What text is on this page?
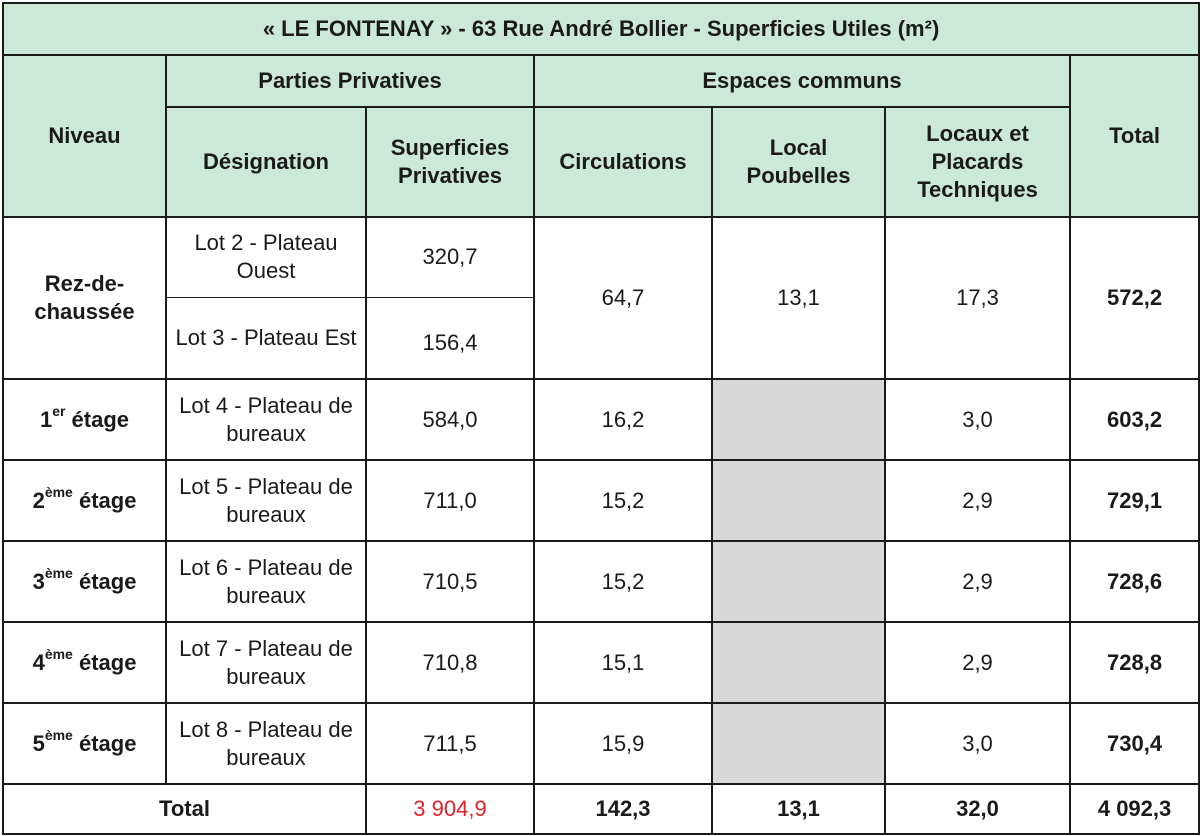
« LE FONTENAY » - 63 Rue André Bollier - Superficies Utiles (m²)						
Niveau	Parties Privatives		Espaces communs			Total
	Désignation	Superficies Privatives	Circulations	Local Poubelles	Locaux et Placards Techniques	
Rez-de-chaussée	Lot 2 - Plateau Ouest	320,7	64,7	13,1	17,3	572,2
	Lot 3 - Plateau Est	156,4				
1er étage	Lot 4 - Plateau de bureaux	584,0	16,2		3,0	603,2
2ème étage	Lot 5 - Plateau de bureaux	711,0	15,2		2,9	729,1
3ème étage	Lot 6 - Plateau de bureaux	710,5	15,2		2,9	728,6
4ème étage	Lot 7 - Plateau de bureaux	710,8	15,1		2,9	728,8
5ème étage	Lot 8 - Plateau de bureaux	711,5	15,9		3,0	730,4
Total		3 904,9	142,3	13,1	32,0	4 092,3
